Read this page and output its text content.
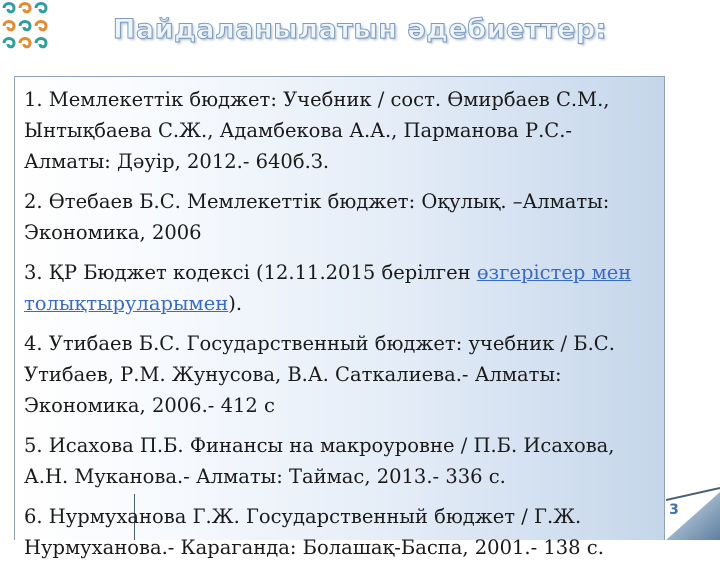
Пайдаланылатын әдебиеттер:
1. Мемлекеттік бюджет: Учебник / сост. Өмирбаев С.М., Ынтықбаева С.Ж., Адамбекова А.А., Парманова Р.С.- Алматы: Дәуір, 2012.- 640б.З.
2. Өтебаев Б.С. Мемлекеттік бюджет: Оқулық. –Алматы: Экономика, 2006
3. ҚР Бюджет кодексі (12.11.2015 берілген өзгерістер мен толықтыруларымен).
4. Утибаев Б.С. Государственный бюджет: учебник / Б.С. Утибаев, Р.М. Жунусова, В.А. Саткалиева.- Алматы: Экономика, 2006.- 412 с
5. Исахова П.Б. Финансы на макроуровне / П.Б. Исахова, А.Н. Муканова.- Алматы: Таймас, 2013.- 336 с.
6. Нурмуханова Г.Ж. Государственный бюджет / Г.Ж. Нурмуханова.- Караганда: Болашақ-Баспа, 2001.- 138 с.
3
